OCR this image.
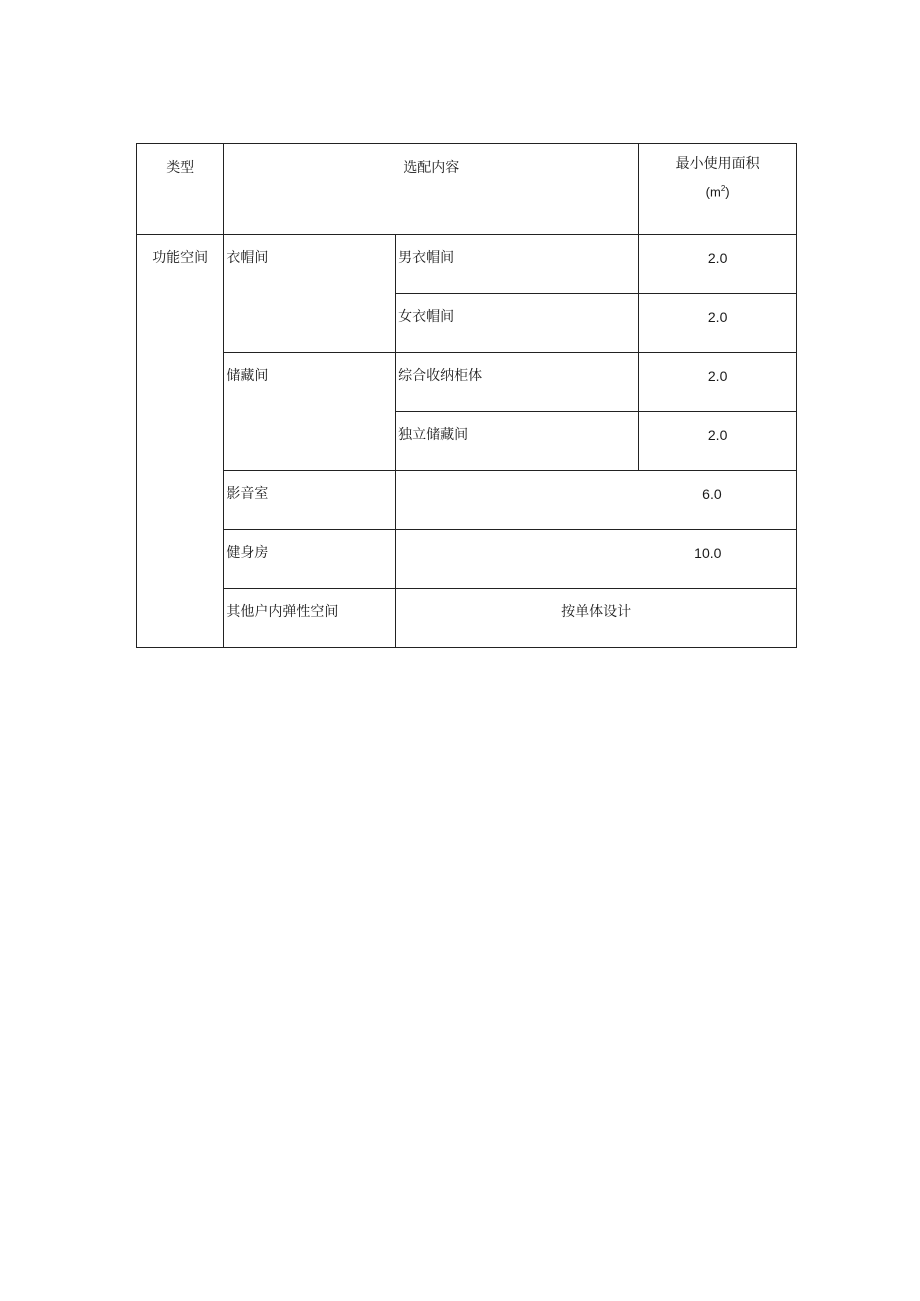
类型	选配内容		最小使用面积
$(m^2)$

功能空间	衣帽间	男衣帽间	2.0
		女衣帽间	2.0
	储藏间	综合收纳柜体	2.0
		独立储藏间	2.0
	影音室	6.0	
	健身房	10.0	
	其他户内弹性空间	按单体设计	
